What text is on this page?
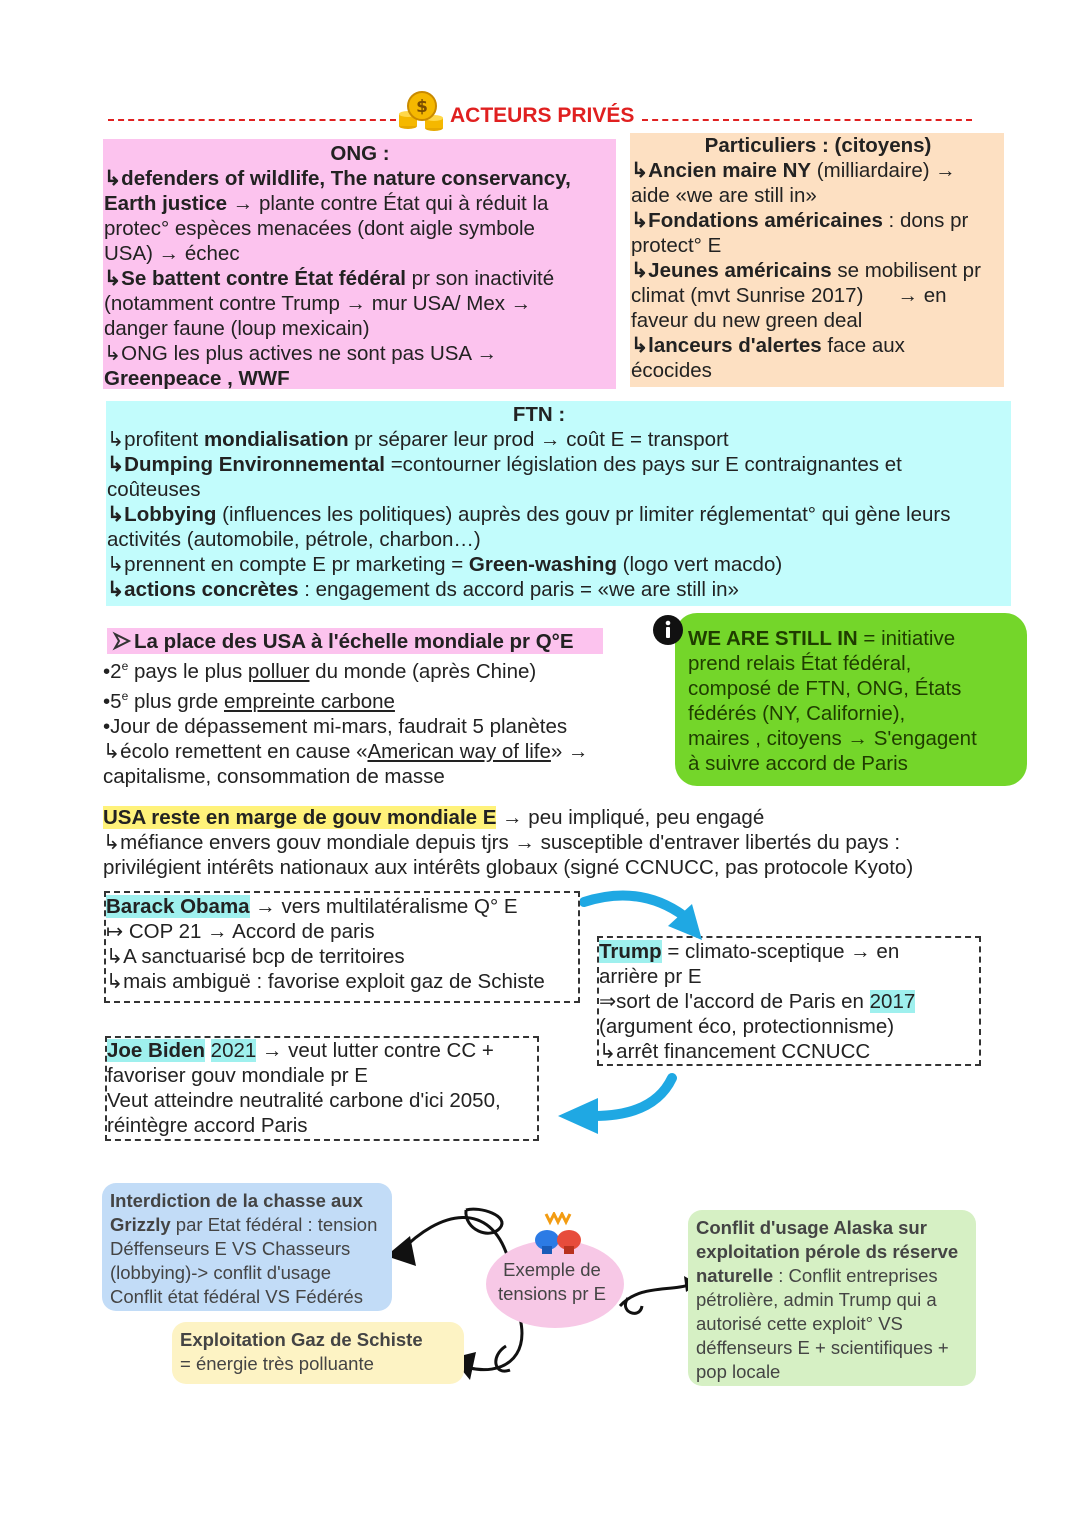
$ ACTEURS PRIVÉS
ONG :
↳defenders of wildlife, The nature conservancy,
Earth justice → plante contre État qui à réduit la
protec° espèces menacées (dont aigle symbole
USA) → échec
↳Se battent contre État fédéral pr son inactivité
(notamment contre Trump → mur USA/ Mex →
danger faune (loup mexicain)
↳ONG les plus actives ne sont pas USA →
Greenpeace , WWF
Particuliers : (citoyens)
↳Ancien maire NY (milliardaire) →
aide «we are still in»
↳Fondations américaines : dons pr
protect° E
↳Jeunes américains se mobilisent pr
climat (mvt Sunrise 2017)      → en
faveur du new green deal
↳lanceurs d'alertes face aux
écocides
FTN :
↳profitent mondialisation pr séparer leur prod → coût E = transport
↳Dumping Environnemental =contourner législation des pays sur E contraignantes et
coûteuses
↳Lobbying (influences les politiques) auprès des gouv pr limiter réglementat° qui gène leurs
activités (automobile, pétrole, charbon…)
↳prennent en compte E pr marketing = Green-washing (logo vert macdo)
↳actions concrètes : engagement ds accord paris = «we are still in»
La place des USA à l'échelle mondiale pr Q°E
•2e pays le plus polluer du monde (après Chine)
•5e plus grde empreinte carbone
•Jour de dépassement mi-mars, faudrait 5 planètes
↳écolo remettent en cause «American way of life» →
capitalisme, consommation de masse
WE ARE STILL IN = initiative
prend relais État fédéral,
composé de FTN, ONG, États
fédérés (NY, Californie),
maires , citoyens → S'engagent
à suivre accord de Paris
USA reste en marge de gouv mondiale E → peu impliqué, peu engagé
↳méfiance envers gouv mondiale depuis tjrs → susceptible d'entraver libertés du pays :
privilégient intérêts nationaux aux intérêts globaux (signé CCNUCC, pas protocole Kyoto)
Barack Obama → vers multilatéralisme Q° E
↦ COP 21 → Accord de paris
↳A sanctuarisé bcp de territoires
↳mais ambiguë : favorise exploit gaz de Schiste
Trump = climato-sceptique → en
arrière pr E
⇒sort de l'accord de Paris en 2017
(argument éco, protectionnisme)
↳arrêt financement CCNUCC
Joe Biden 2021 → veut lutter contre CC +
favoriser gouv mondiale pr E
Veut atteindre neutralité carbone d'ici 2050,
réintègre accord Paris
Exemple de tensions pr E
Interdiction de la chasse aux
Grizzly par Etat fédéral : tension
Déffenseurs E VS Chasseurs
(lobbying)-> conflit d'usage
Conflit état fédéral VS Fédérés
Exploitation Gaz de Schiste
= énergie très polluante
Conflit d'usage Alaska sur
exploitation pérole ds réserve
naturelle : Conflit entreprises
pétrolière, admin Trump qui a
autorisé cette exploit° VS
déffenseurs E + scientifiques +
pop locale
